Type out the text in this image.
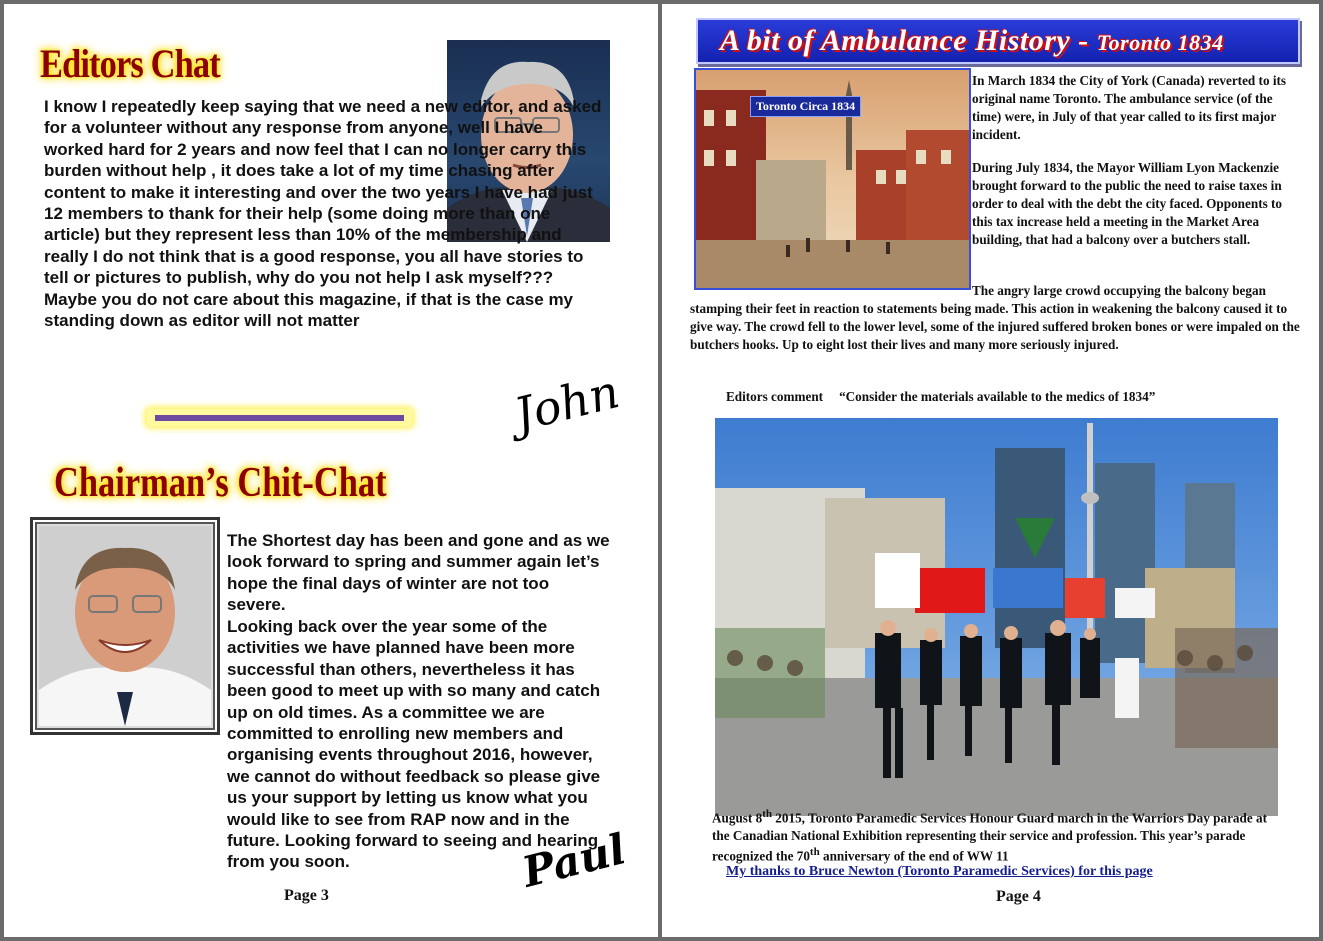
Editors Chat

I know I repeatedly keep saying that we need a new editor, and asked for a volunteer without any response from anyone, well I have worked hard for 2 years and now feel that I can no longer carry this burden without help , it does take a lot of my time chasing after content to make it interesting and over the two years I have had just 12 members to thank for their help (some doing more than one article) but they represent less than 10% of the membership and really I do not think that is a good response, you all have stories to tell or pictures to publish, why do you not help I ask myself??? Maybe you do not care about this magazine, if that is the case my standing down as editor will not matter

John
Chairman’s Chit-Chat

The Shortest day has been and gone and as we look forward to spring and summer again let’s hope the final days of winter are not too severe.

Looking back over the year some of the activities we have planned have been more successful than others, nevertheless it has been good to meet up with so many and catch up on old times. As a committee we are committed to enrolling new members and organising events throughout 2016, however, we cannot do without feedback so please give us your support by letting us know what you would like to see from RAP now and in the future. Looking forward to seeing and hearing from you soon.	Paul
Page 3
A bit of Ambulance History - Toronto 1834
Toronto Circa 1834

In March 1834 the City of York (Canada) reverted to its original name Toronto. The ambulance service (of the time) were, in July of that year called to its first major incident.

During July 1834, the Mayor William Lyon Mackenzie brought forward to the public the need to raise taxes in order to deal with the debt the city faced. Opponents to this tax increase held a meeting in the Market Area building, that had a balcony over a butchers stall.

The angry large crowd occupying the balcony began stamping their feet in reaction to statements being made. This action in weakening the balcony caused it to give way. The crowd fell to the lower level, some of the injured suffered broken bones or were impaled on the butchers hooks. Up to eight lost their lives and many more seriously injured.

Editors comment “Consider the materials available to the medics of 1834”
August 8th 2015, Toronto Paramedic Services Honour Guard march in the Warriors Day parade at the Canadian National Exhibition representing their service and profession. This year’s parade recognized the 70th anniversary of the end of WW 11
My thanks to Bruce Newton (Toronto Paramedic Services) for this page
Page 4
